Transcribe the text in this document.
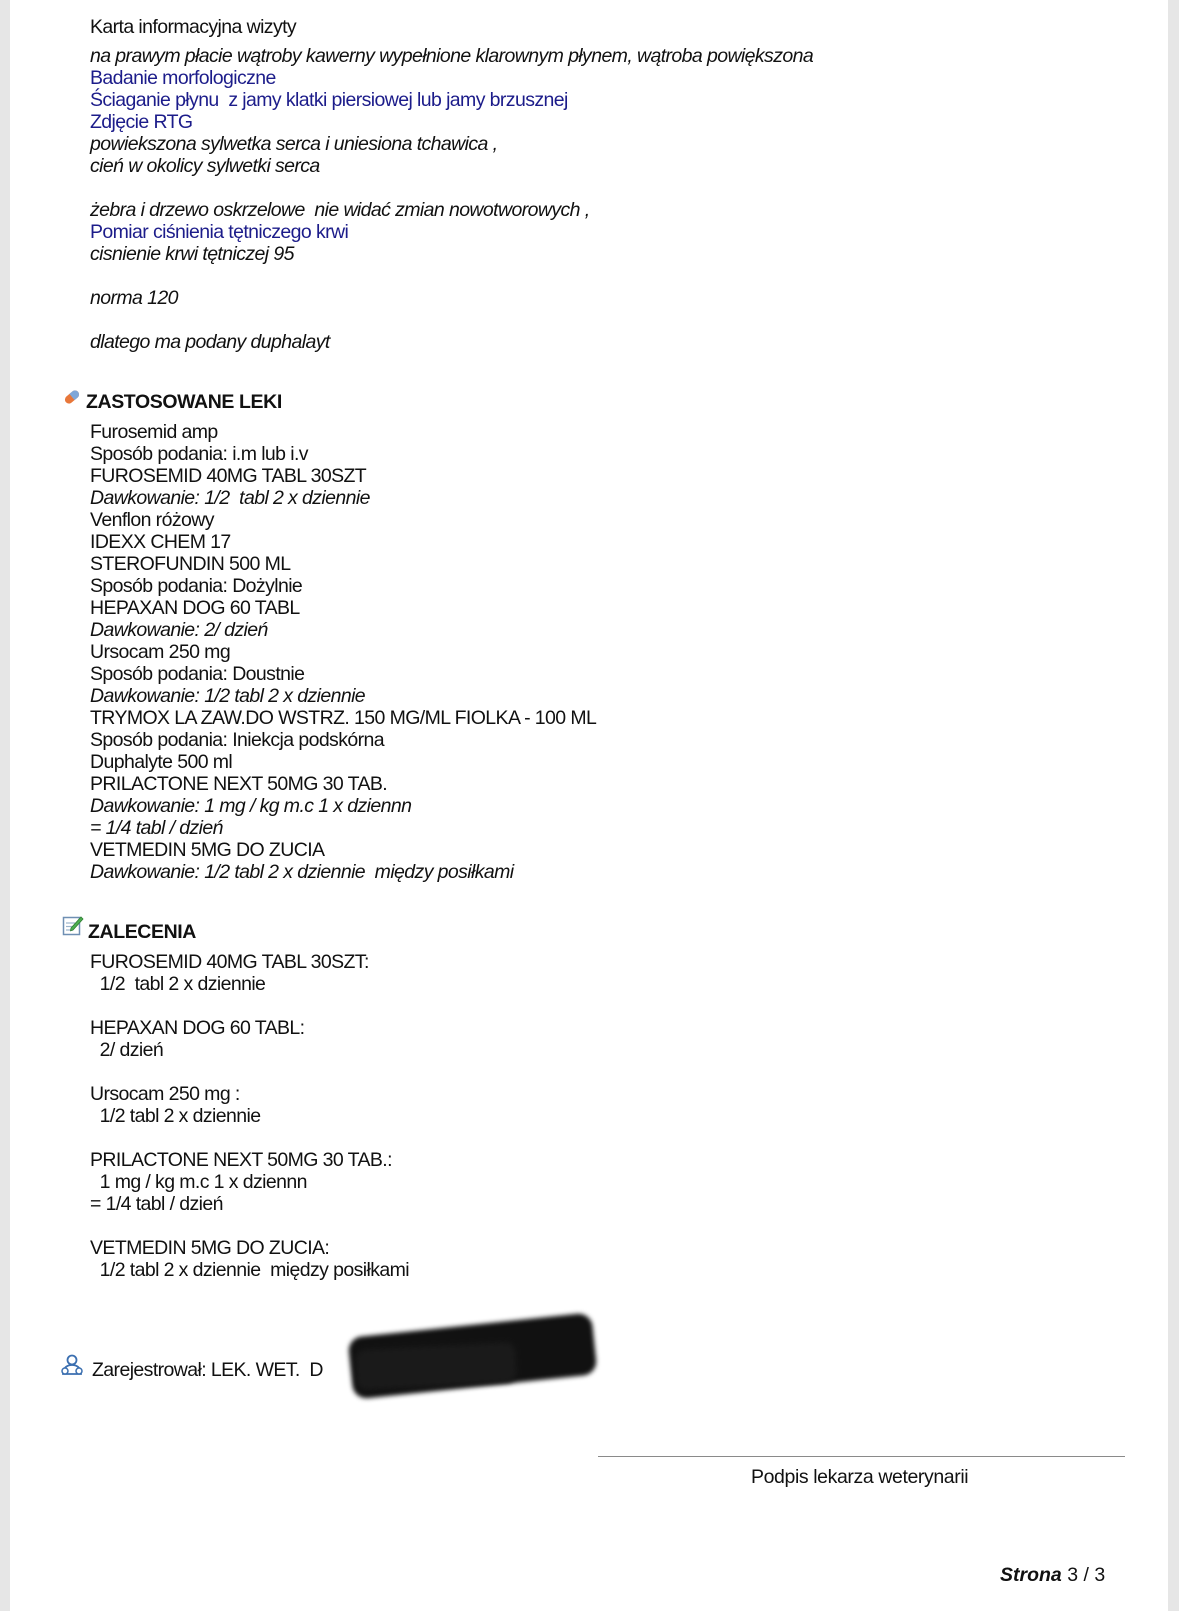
Karta informacyjna wizyty
na prawym płacie wątroby kawerny wypełnione klarownym płynem, wątroba powiększona
Badanie morfologiczne
Ściaganie płynu  z jamy klatki piersiowej lub jamy brzusznej
Zdjęcie RTG
powiekszona sylwetka serca i uniesiona tchawica ,
cień w okolicy sylwetki serca
żebra i drzewo oskrzelowe  nie widać zmian nowotworowych ,
Pomiar ciśnienia tętniczego krwi
cisnienie krwi tętniczej 95
norma 120
dlatego ma podany duphalayt
ZASTOSOWANE LEKI
Furosemid amp
Sposób podania: i.m lub i.v
FUROSEMID 40MG TABL 30SZT
Dawkowanie: 1/2  tabl 2 x dziennie
Venflon różowy
IDEXX CHEM 17
STEROFUNDIN 500 ML
Sposób podania: Dożylnie
HEPAXAN DOG 60 TABL
Dawkowanie: 2/ dzień
Ursocam 250 mg
Sposób podania: Doustnie
Dawkowanie: 1/2 tabl 2 x dziennie
TRYMOX LA ZAW.DO WSTRZ. 150 MG/ML FIOLKA - 100 ML
Sposób podania: Iniekcja podskórna
Duphalyte 500 ml
PRILACTONE NEXT 50MG 30 TAB.
Dawkowanie: 1 mg / kg m.c 1 x dziennn
= 1/4 tabl / dzień
VETMEDIN 5MG DO ZUCIA
Dawkowanie: 1/2 tabl 2 x dziennie  między posiłkami
ZALECENIA
FUROSEMID 40MG TABL 30SZT:
1/2  tabl 2 x dziennie
HEPAXAN DOG 60 TABL:
2/ dzień
Ursocam 250 mg :
1/2 tabl 2 x dziennie
PRILACTONE NEXT 50MG 30 TAB.:
1 mg / kg m.c 1 x dziennn
= 1/4 tabl / dzień
VETMEDIN 5MG DO ZUCIA:
1/2 tabl 2 x dziennie  między posiłkami
Zarejestrował: LEK. WET.  D
Podpis lekarza weterynarii
Strona 3 / 3
